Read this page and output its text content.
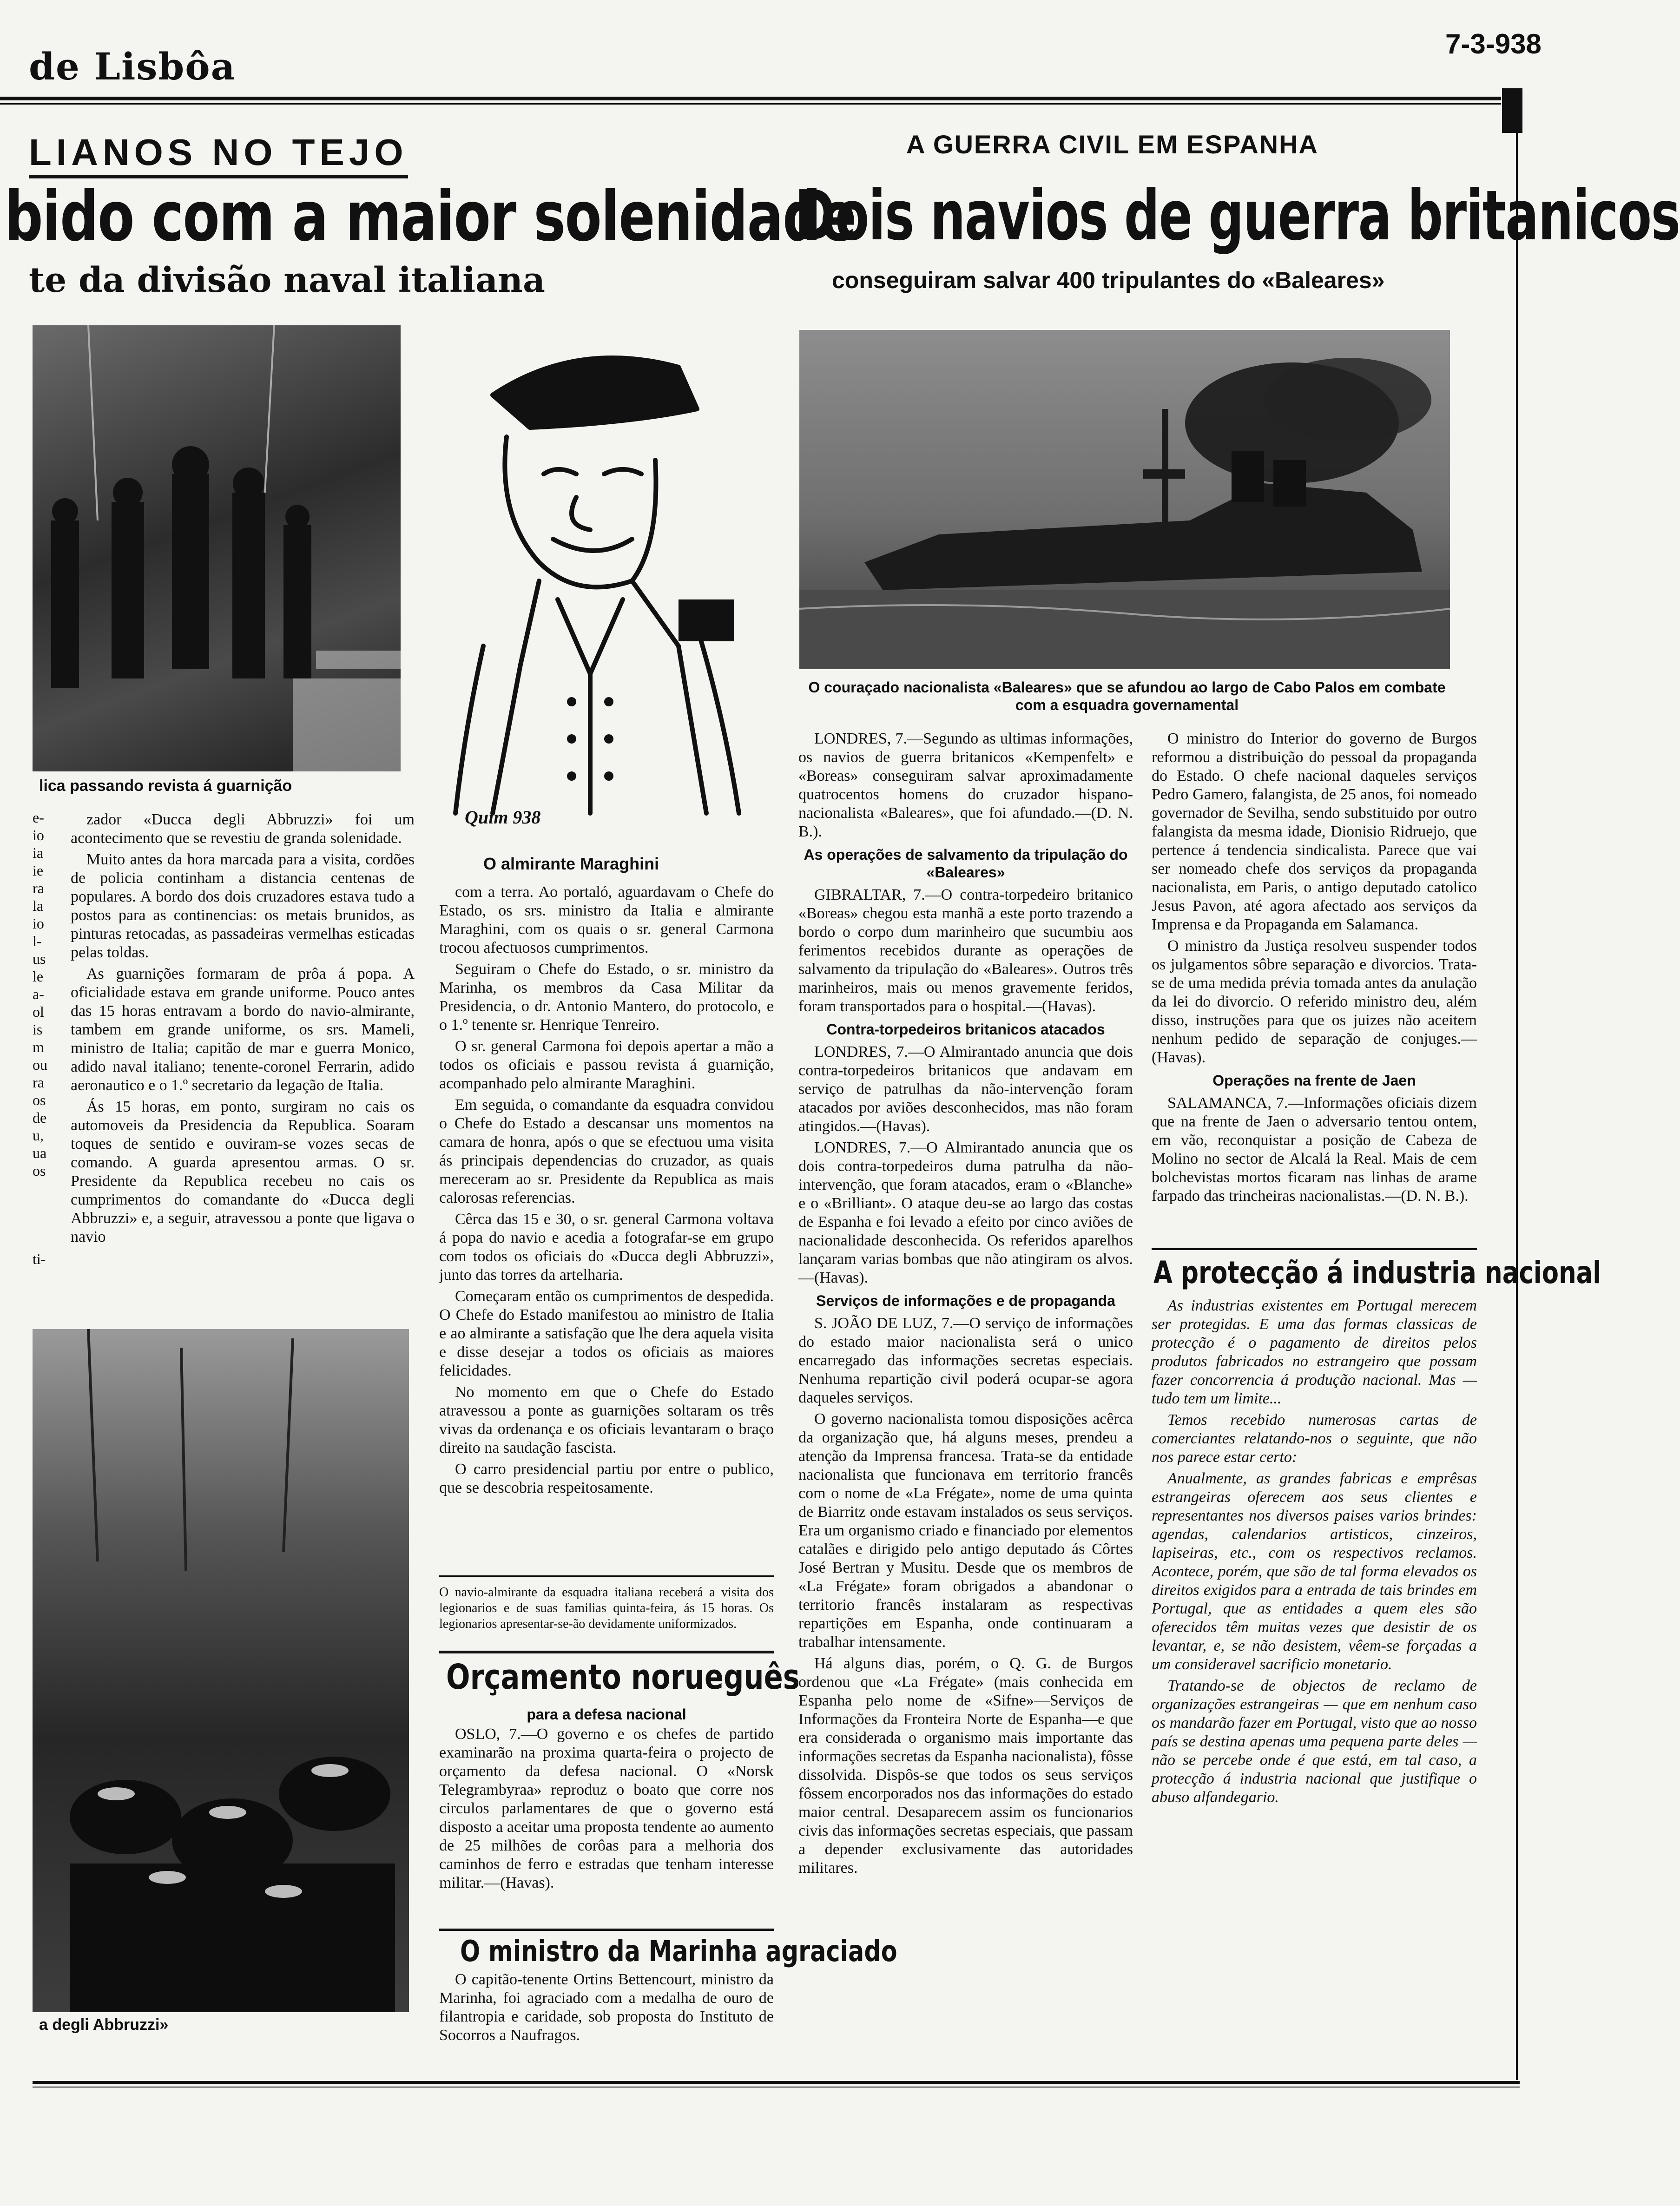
de Lisbôa
7-3-938
LIANOS NO TEJO
bido com a maior solenidade
te da divisão naval italiana
A GUERRA CIVIL EM ESPANHA
Dois navios de guerra britanicos
conseguiram salvar 400 tripulantes do «Baleares»
lica passando revista á guarnição
e-
io
ia
ie
ra
la
io
l-
us
le
a-
ol
is
m
ou
ra
os
de
u,
ua
os

zador «Ducca degli Abbruzzi» foi um acontecimento que se revestiu de granda solenidade.

Muito antes da hora marcada para a visita, cordões de policia continham a distancia centenas de populares. A bordo dos dois cruzadores estava tudo a postos para as continencias: os metais brunidos, as pinturas retocadas, as passadeiras vermelhas esticadas pelas toldas.

As guarnições formaram de prôa á popa. A oficialidade estava em grande uniforme. Pouco antes das 15 horas entravam a bordo do navio-almirante, tambem em grande uniforme, os srs. Mameli, ministro de Italia; capitão de mar e guerra Monico, adido naval italiano; tenente-coronel Ferrarin, adido aeronautico e o 1.º secretario da legação de Italia.

Ás 15 horas, em ponto, surgiram no cais os automoveis da Presidencia da Republica. Soaram toques de sentido e ouviram-se vozes secas de comando. A guarda apresentou armas. O sr. Presidente da Republica recebeu no cais os cumprimentos do comandante do «Ducca degli Abbruzzi» e, a seguir, atravessou a ponte que ligava o navio

Quim 938
O almirante Maraghini

com a terra. Ao portaló, aguardavam o Chefe do Estado, os srs. ministro da Italia e almirante Maraghini, com os quais o sr. general Carmona trocou afectuosos cumprimentos.

Seguiram o Chefe do Estado, o sr. ministro da Marinha, os membros da Casa Militar da Presidencia, o dr. Antonio Mantero, do protocolo, e o 1.º tenente sr. Henrique Tenreiro.

O sr. general Carmona foi depois apertar a mão a todos os oficiais e passou revista á guarnição, acompanhado pelo almirante Maraghini.

Em seguida, o comandante da esquadra convidou o Chefe do Estado a descansar uns momentos na camara de honra, após o que se efectuou uma visita ás principais dependencias do cruzador, as quais mereceram ao sr. Presidente da Republica as mais calorosas referencias.

Cêrca das 15 e 30, o sr. general Carmona voltava á popa do navio e acedia a fotografar-se em grupo com todos os oficiais do «Ducca degli Abbruzzi», junto das torres da artelharia.

Começaram então os cumprimentos de despedida. O Chefe do Estado manifestou ao ministro de Italia e ao almirante a satisfação que lhe dera aquela visita e disse desejar a todos os oficiais as maiores felicidades.

No momento em que o Chefe do Estado atravessou a ponte as guarnições soltaram os três vivas da ordenança e os oficiais levantaram o braço direito na saudação fascista.

O carro presidencial partiu por entre o publico, que se descobria respeitosamente.

ti-
a degli Abbruzzi»
O navio-almirante da esquadra italiana receberá a visita dos legionarios e de suas familias quinta-feira, ás 15 horas. Os legionarios apresentar-se-ão devidamente uniformizados.
Orçamento norueguês
para a defesa nacional

OSLO, 7.—O governo e os chefes de partido examinarão na proxima quarta-feira o projecto de orçamento da defesa nacional. O «Norsk Telegrambyraa» reproduz o boato que corre nos circulos parlamentares de que o governo está disposto a aceitar uma proposta tendente ao aumento de 25 milhões de corôas para a melhoria dos caminhos de ferro e estradas que tenham interesse militar.—(Havas).

O ministro da Marinha agraciado

O capitão-tenente Ortins Bettencourt, ministro da Marinha, foi agraciado com a medalha de ouro de filantropia e caridade, sob proposta do Instituto de Socorros a Naufragos.

O couraçado nacionalista «Baleares» que se afundou ao largo de Cabo Palos em combate com a esquadra governamental

LONDRES, 7.—Segundo as ultimas informações, os navios de guerra britanicos «Kempenfelt» e «Boreas» conseguiram salvar aproximadamente quatrocentos homens do cruzador hispano-nacionalista «Baleares», que foi afundado.—(D. N. B.).

As operações de salvamento da tripulação do «Baleares»

GIBRALTAR, 7.—O contra-torpedeiro britanico «Boreas» chegou esta manhã a este porto trazendo a bordo o corpo dum marinheiro que sucumbiu aos ferimentos recebidos durante as operações de salvamento da tripulação do «Baleares». Outros três marinheiros, mais ou menos gravemente feridos, foram transportados para o hospital.—(Havas).

Contra-torpedeiros britanicos atacados

LONDRES, 7.—O Almirantado anuncia que dois contra-torpedeiros britanicos que andavam em serviço de patrulhas da não-intervenção foram atacados por aviões desconhecidos, mas não foram atingidos.—(Havas).

LONDRES, 7.—O Almirantado anuncia que os dois contra-torpedeiros duma patrulha da não-intervenção, que foram atacados, eram o «Blanche» e o «Brilliant». O ataque deu-se ao largo das costas de Espanha e foi levado a efeito por cinco aviões de nacionalidade desconhecida. Os referidos aparelhos lançaram varias bombas que não atingiram os alvos.—(Havas).

Serviços de informações e de propaganda

S. JOÃO DE LUZ, 7.—O serviço de informações do estado maior nacionalista será o unico encarregado das informações secretas especiais. Nenhuma repartição civil poderá ocupar-se agora daqueles serviços.

O governo nacionalista tomou disposições acêrca da organização que, há alguns meses, prendeu a atenção da Imprensa francesa. Trata-se da entidade nacionalista que funcionava em territorio francês com o nome de «La Frégate», nome de uma quinta de Biarritz onde estavam instalados os seus serviços. Era um organismo criado e financiado por elementos catalães e dirigido pelo antigo deputado ás Côrtes José Bertran y Musitu. Desde que os membros de «La Frégate» foram obrigados a abandonar o territorio francês instalaram as respectivas repartições em Espanha, onde continuaram a trabalhar intensamente.

Há alguns dias, porém, o Q. G. de Burgos ordenou que «La Frégate» (mais conhecida em Espanha pelo nome de «Sifne»—Serviços de Informações da Fronteira Norte de Espanha—e que era considerada o organismo mais importante das informações secretas da Espanha nacionalista), fôsse dissolvida. Dispôs-se que todos os seus serviços fôssem encorporados nos das informações do estado maior central. Desaparecem assim os funcionarios civis das informações secretas especiais, que passam a depender exclusivamente das autoridades militares.

O ministro do Interior do governo de Burgos reformou a distribuição do pessoal da propaganda do Estado. O chefe nacional daqueles serviços Pedro Gamero, falangista, de 25 anos, foi nomeado governador de Sevilha, sendo substituido por outro falangista da mesma idade, Dionisio Ridruejo, que pertence á tendencia sindicalista. Parece que vai ser nomeado chefe dos serviços da propaganda nacionalista, em Paris, o antigo deputado catolico Jesus Pavon, até agora afectado aos serviços da Imprensa e da Propaganda em Salamanca.

O ministro da Justiça resolveu suspender todos os julgamentos sôbre separação e divorcios. Trata-se de uma medida prévia tomada antes da anulação da lei do divorcio. O referido ministro deu, além disso, instruções para que os juizes não aceitem nenhum pedido de separação de conjuges.—(Havas).

Operações na frente de Jaen

SALAMANCA, 7.—Informações oficiais dizem que na frente de Jaen o adversario tentou ontem, em vão, reconquistar a posição de Cabeza de Molino no sector de Alcalá la Real. Mais de cem bolchevistas mortos ficaram nas linhas de arame farpado das trincheiras nacionalistas.—(D. N. B.).

A protecção á industria nacional

As industrias existentes em Portugal merecem ser protegidas. E uma das formas classicas de protecção é o pagamento de direitos pelos produtos fabricados no estrangeiro que possam fazer concorrencia á produção nacional. Mas — tudo tem um limite...

Temos recebido numerosas cartas de comerciantes relatando-nos o seguinte, que não nos parece estar certo:

Anualmente, as grandes fabricas e emprêsas estrangeiras oferecem aos seus clientes e representantes nos diversos paises varios brindes: agendas, calendarios artisticos, cinzeiros, lapiseiras, etc., com os respectivos reclamos. Acontece, porém, que são de tal forma elevados os direitos exigidos para a entrada de tais brindes em Portugal, que as entidades a quem eles são oferecidos têm muitas vezes que desistir de os levantar, e, se não desistem, vêem-se forçadas a um consideravel sacrificio monetario.

Tratando-se de objectos de reclamo de organizações estrangeiras — que em nenhum caso os mandarão fazer em Portugal, visto que ao nosso país se destina apenas uma pequena parte deles — não se percebe onde é que está, em tal caso, a protecção á industria nacional que justifique o abuso alfandegario.
